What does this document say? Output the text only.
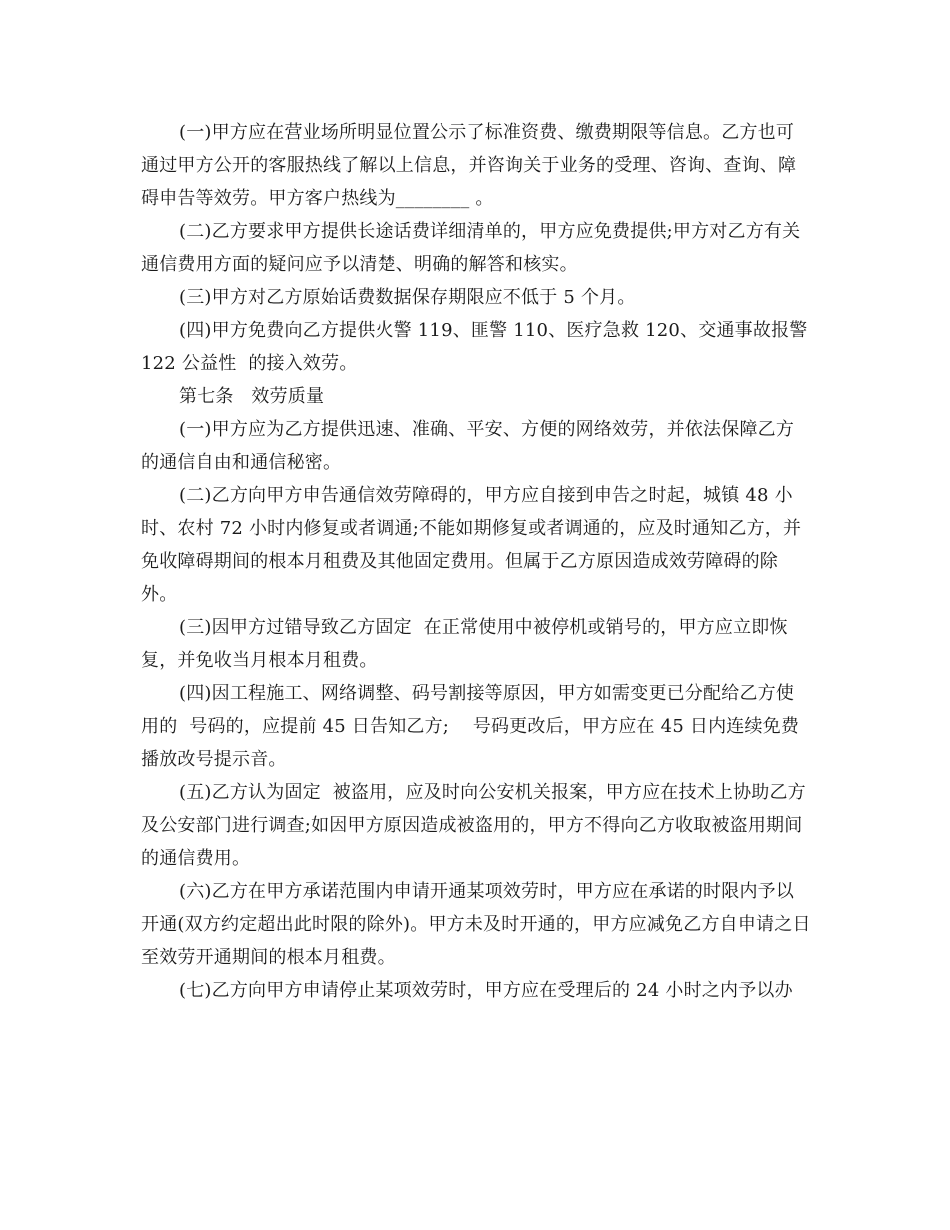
(一)甲方应在营业场所明显位置公示了标准资费、缴费期限等信息。乙方也可通过甲方公开的客服热线了解以上信息，并咨询关于业务的受理、咨询、查询、障碍申告等效劳。甲方客户热线为________ 。

(二)乙方要求甲方提供长途话费详细清单的，甲方应免费提供;甲方对乙方有关通信费用方面的疑问应予以清楚、明确的解答和核实。

(三)甲方对乙方原始话费数据保存期限应不低于 5 个月。

(四)甲方免费向乙方提供火警 119、匪警 110、医疗急救 120、交通事故报警 122 公益性  的接入效劳。

第七条   效劳质量

(一)甲方应为乙方提供迅速、准确、平安、方便的网络效劳，并依法保障乙方的通信自由和通信秘密。

(二)乙方向甲方申告通信效劳障碍的，甲方应自接到申告之时起，城镇 48 小时、农村 72 小时内修复或者调通;不能如期修复或者调通的，应及时通知乙方，并免收障碍期间的根本月租费及其他固定费用。但属于乙方原因造成效劳障碍的除外。

(三)因甲方过错导致乙方固定  在正常使用中被停机或销号的，甲方应立即恢复，并免收当月根本月租费。

(四)因工程施工、网络调整、码号割接等原因，甲方如需变更已分配给乙方使用的  号码的，应提前 45 日告知乙方;    号码更改后，甲方应在 45 日内连续免费播放改号提示音。

(五)乙方认为固定  被盗用，应及时向公安机关报案，甲方应在技术上协助乙方及公安部门进行调查;如因甲方原因造成被盗用的，甲方不得向乙方收取被盗用期间的通信费用。

(六)乙方在甲方承诺范围内申请开通某项效劳时，甲方应在承诺的时限内予以开通(双方约定超出此时限的除外)。甲方未及时开通的，甲方应减免乙方自申请之日至效劳开通期间的根本月租费。

(七)乙方向甲方申请停止某项效劳时，甲方应在受理后的 24 小时之内予以办
